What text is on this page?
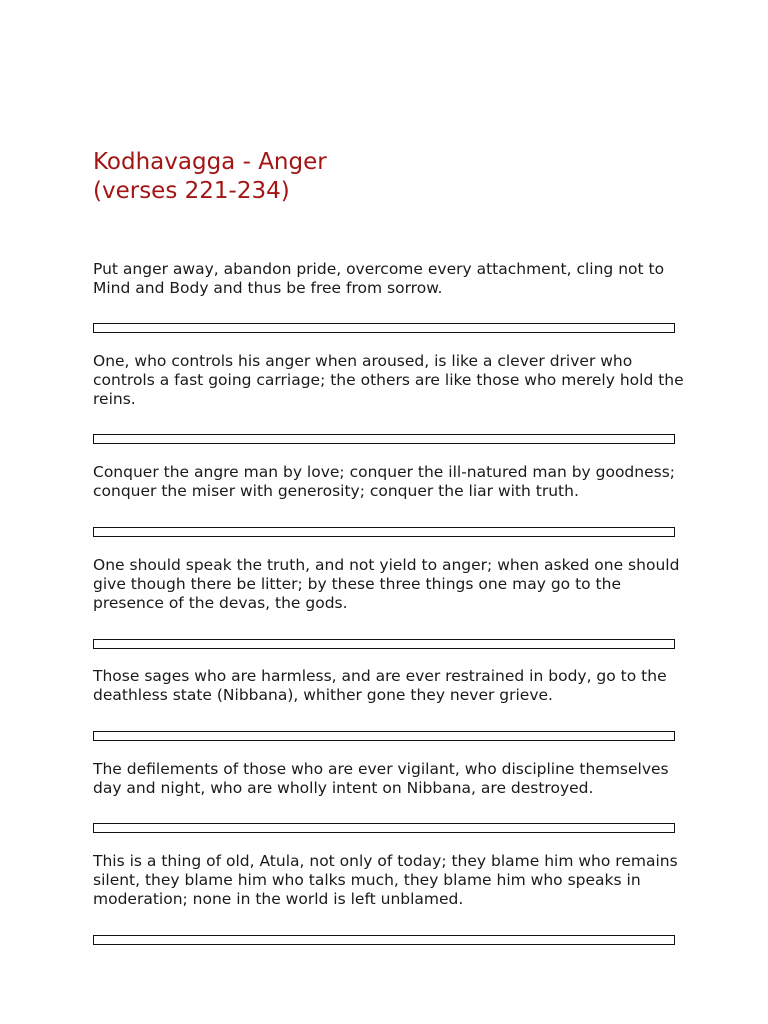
Kodhavagga - Anger
(verses 221-234)

Put anger away, abandon pride, overcome every attachment, cling not to Mind and Body and thus be free from sorrow.

One, who controls his anger when aroused, is like a clever driver who controls a fast going carriage; the others are like those who merely hold the reins.

Conquer the angre man by love; conquer the ill-natured man by goodness; conquer the miser with generosity; conquer the liar with truth.

One should speak the truth, and not yield to anger; when asked one should give though there be litter; by these three things one may go to the presence of the devas, the gods.

Those sages who are harmless, and are ever restrained in body, go to the deathless state (Nibbana), whither gone they never grieve.

The defilements of those who are ever vigilant, who discipline themselves day and night, who are wholly intent on Nibbana, are destroyed.

This is a thing of old, Atula, not only of today; they blame him who remains silent, they blame him who talks much, they blame him who speaks in moderation; none in the world is left unblamed.
